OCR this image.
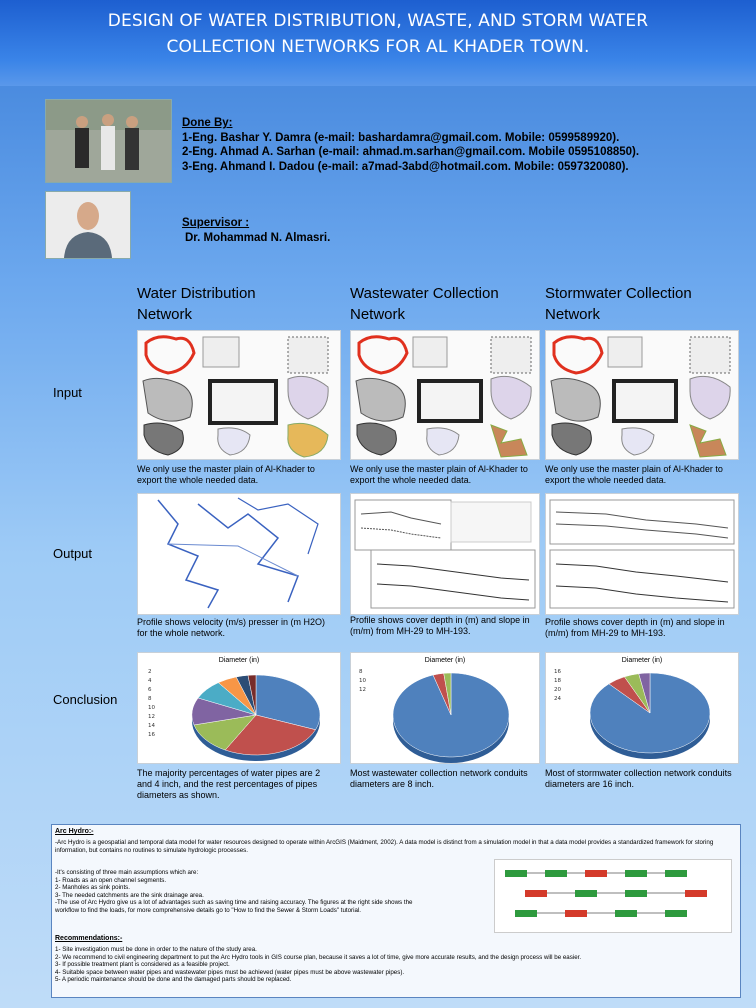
DESIGN OF WATER DISTRIBUTION, WASTE, AND STORM WATER
COLLECTION NETWORKS FOR AL KHADER TOWN.
Done By:
1-Eng. Bashar Y. Damra (e-mail: bashardamra@gmail.com. Mobile: 0599589920).
2-Eng. Ahmad A. Sarhan (e-mail: ahmad.m.sarhan@gmail.com. Mobile 0595108850).
3-Eng. Ahmand I. Dadou (e-mail: a7mad-3abd@hotmail.com. Mobile: 0597320080).
Supervisor :
Dr. Mohammad N. Almasri.
Water Distribution
Network
Wastewater Collection
Network
Stormwater Collection
Network
Input
Output
Conclusion
We only use the master plain of Al-Khader to export the whole needed data.
We only use the master plain of Al-Khader to export the whole needed data.
We only use the master plain of Al-Khader to export the whole needed data.
Profile shows velocity (m/s) presser in (m H2O) for the whole network.
Profile shows cover depth in (m) and slope in (m/m) from MH-29 to MH-193.
Profile shows cover depth in (m) and slope in (m/m) from MH-29 to MH-193.
Diameter (in)
2
4
6
8
10
12
14
16
Diameter (in)
8
10
12
Diameter (in)
16
18
20
24
The majority percentages of water pipes are 2 and 4 inch, and the rest percentages of pipes diameters as shown.
Most wastewater collection network conduits diameters are 8 inch.
Most of stormwater collection network conduits diameters are 16 inch.
Arc Hydro:-
-Arc Hydro is a geospatial and temporal data model for water resources designed to operate within ArcGIS (Maidment, 2002). A data model is distinct from a simulation model in that a data model provides a standardized framework for storing information, but contains no routines to simulate hydrologic processes.
-It's consisting of three main assumptions which are:
1- Roads as an open channel segments.
2- Manholes as sink points.
3- The needed catchments are the sink drainage area.
-The use of Arc Hydro give us a lot of advantages such as saving time and raising accuracy. The figures at the right side shows the
workflow to find the loads, for more comprehensive details go to "How to find the Sewer & Storm Loads" tutorial.
Recommendations:-
1- Site investigation must be done in order to the nature of the study area.
2- We recommend to civil engineering department to put the Arc Hydro tools in GIS course plan, because it saves a lot of time, give more accurate results, and the design process will be easier.
3- If possible treatment plant is considered as a feasible project.
4- Suitable space between water pipes and wastewater pipes must be achieved (water pipes must be above wastewater pipes).
5- A periodic maintenance should be done and the damaged parts should be replaced.
